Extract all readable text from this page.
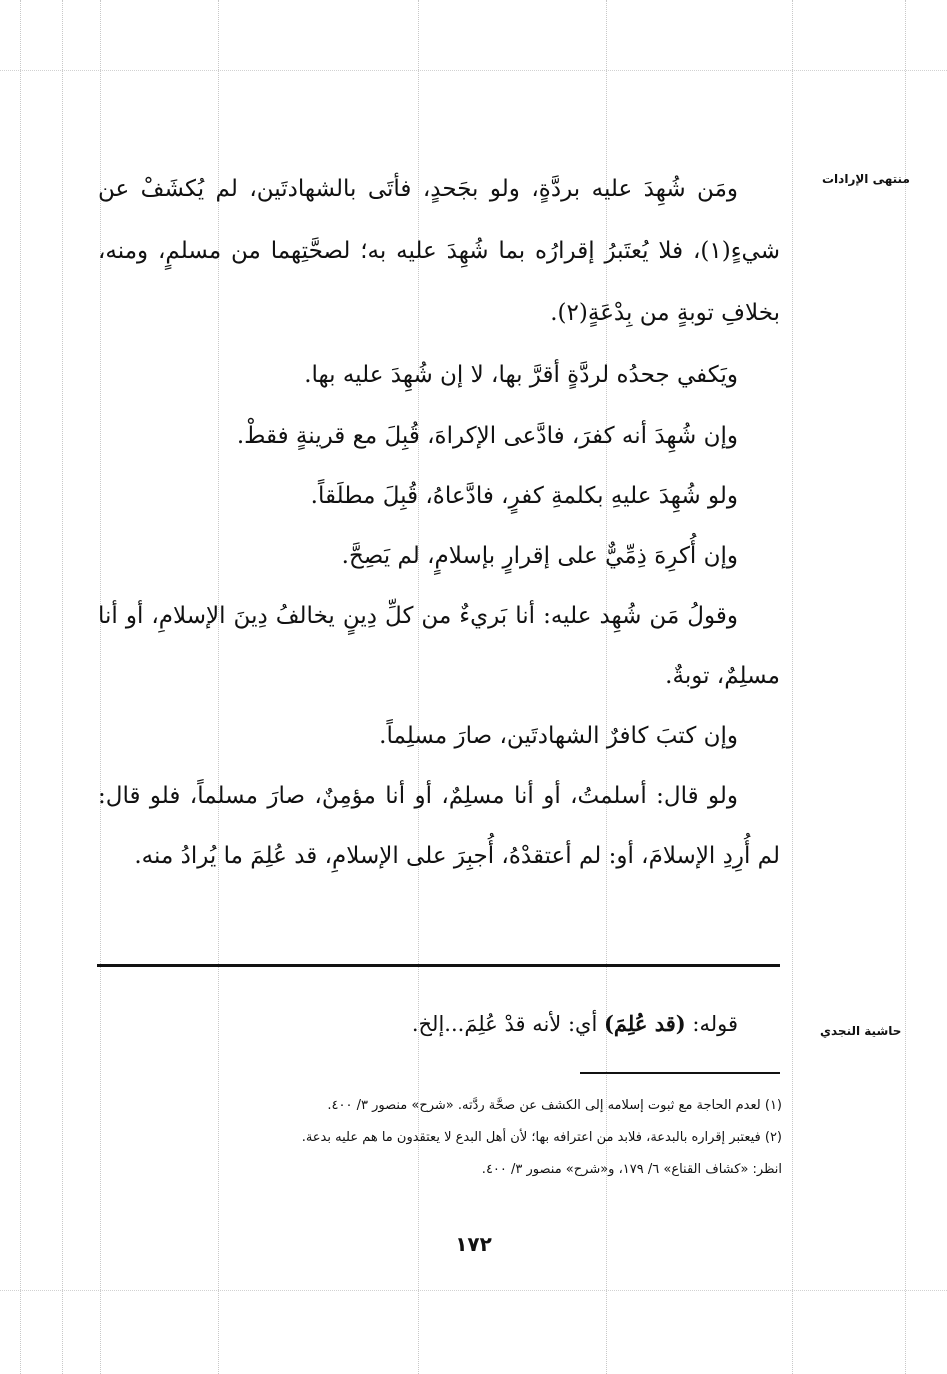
منتهى الإرادات
حاشية النجدي

ومَن شُهِدَ عليه بردَّةٍ، ولو بجَحدٍ، فأتَى بالشهادتَين، لم يُكشَفْ عن شيءٍ(١)، فلا يُعتَبرُ إقرارُه بما شُهِدَ عليه به؛ لصحَّتِهما من مسلمٍ، ومنه، بخلافِ توبةٍ من بِدْعَةٍ(٢).

ويَكفي جحدُه لردَّةٍ أقرَّ بها، لا إن شُهِدَ عليه بها.

وإن شُهِدَ أنه كفرَ، فادَّعى الإكراهَ، قُبِلَ مع قرينةٍ فقطْ.

ولو شُهِدَ عليهِ بكلمةِ كفرٍ، فادَّعاهُ، قُبِلَ مطلَقاً.

وإن أُكرِهَ ذِمِّيٌّ على إقرارٍ بإسلامٍ، لم يَصِحَّ.

وقولُ مَن شُهِد عليه: أنا بَريءٌ من كلِّ دِينٍ يخالفُ دِينَ الإسلامِ، أو أنا مسلِمٌ، توبةٌ.

وإن كتبَ كافرٌ الشهادتَين، صارَ مسلِماً.

ولو قال: أسلمتُ، أو أنا مسلِمٌ، أو أنا مؤمِنٌ، صارَ مسلماً، فلو قال: لم أُرِدِ الإسلامَ، أو: لم أعتقدْهُ، أُجبِرَ على الإسلامِ، قد عُلِمَ ما يُرادُ منه.

قوله: (قد عُلِمَ) أي: لأنه قدْ عُلِمَ...إلخ.
(١) لعدم الحاجة مع ثبوت إسلامه إلى الكشف عن صحَّة ردَّته. «شرح» منصور ٣/ ٤٠٠.
(٢) فيعتبر إقراره بالبدعة، فلابد من اعترافه بها؛ لأن أهل البدع لا يعتقدون ما هم عليه بدعة.
انظر: «كشاف القناع» ٦/ ١٧٩، و«شرح» منصور ٣/ ٤٠٠.
١٧٢
